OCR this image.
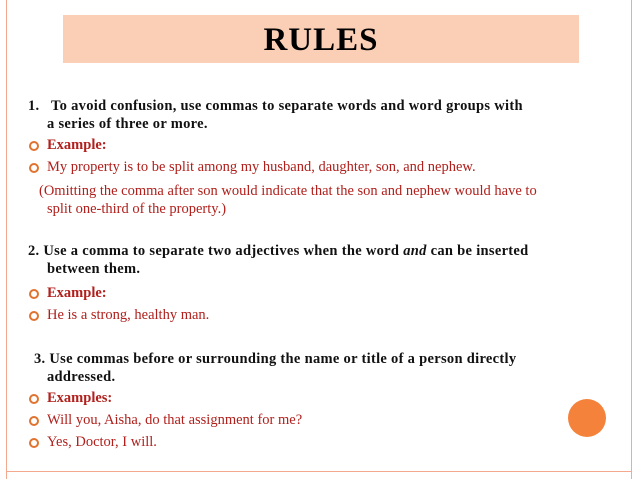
RULES
1. To avoid confusion, use commas to separate words and word groups with
a series of three or more.
Example:
My property is to be split among my husband, daughter, son, and nephew.
(Omitting the comma after son would indicate that the son and nephew would have to
split one-third of the property.)
2. Use a comma to separate two adjectives when the word and can be inserted
between them.
Example:
He is a strong, healthy man.
3. Use commas before or surrounding the name or title of a person directly
addressed.
Examples:
Will you, Aisha, do that assignment for me?
Yes, Doctor, I will.
